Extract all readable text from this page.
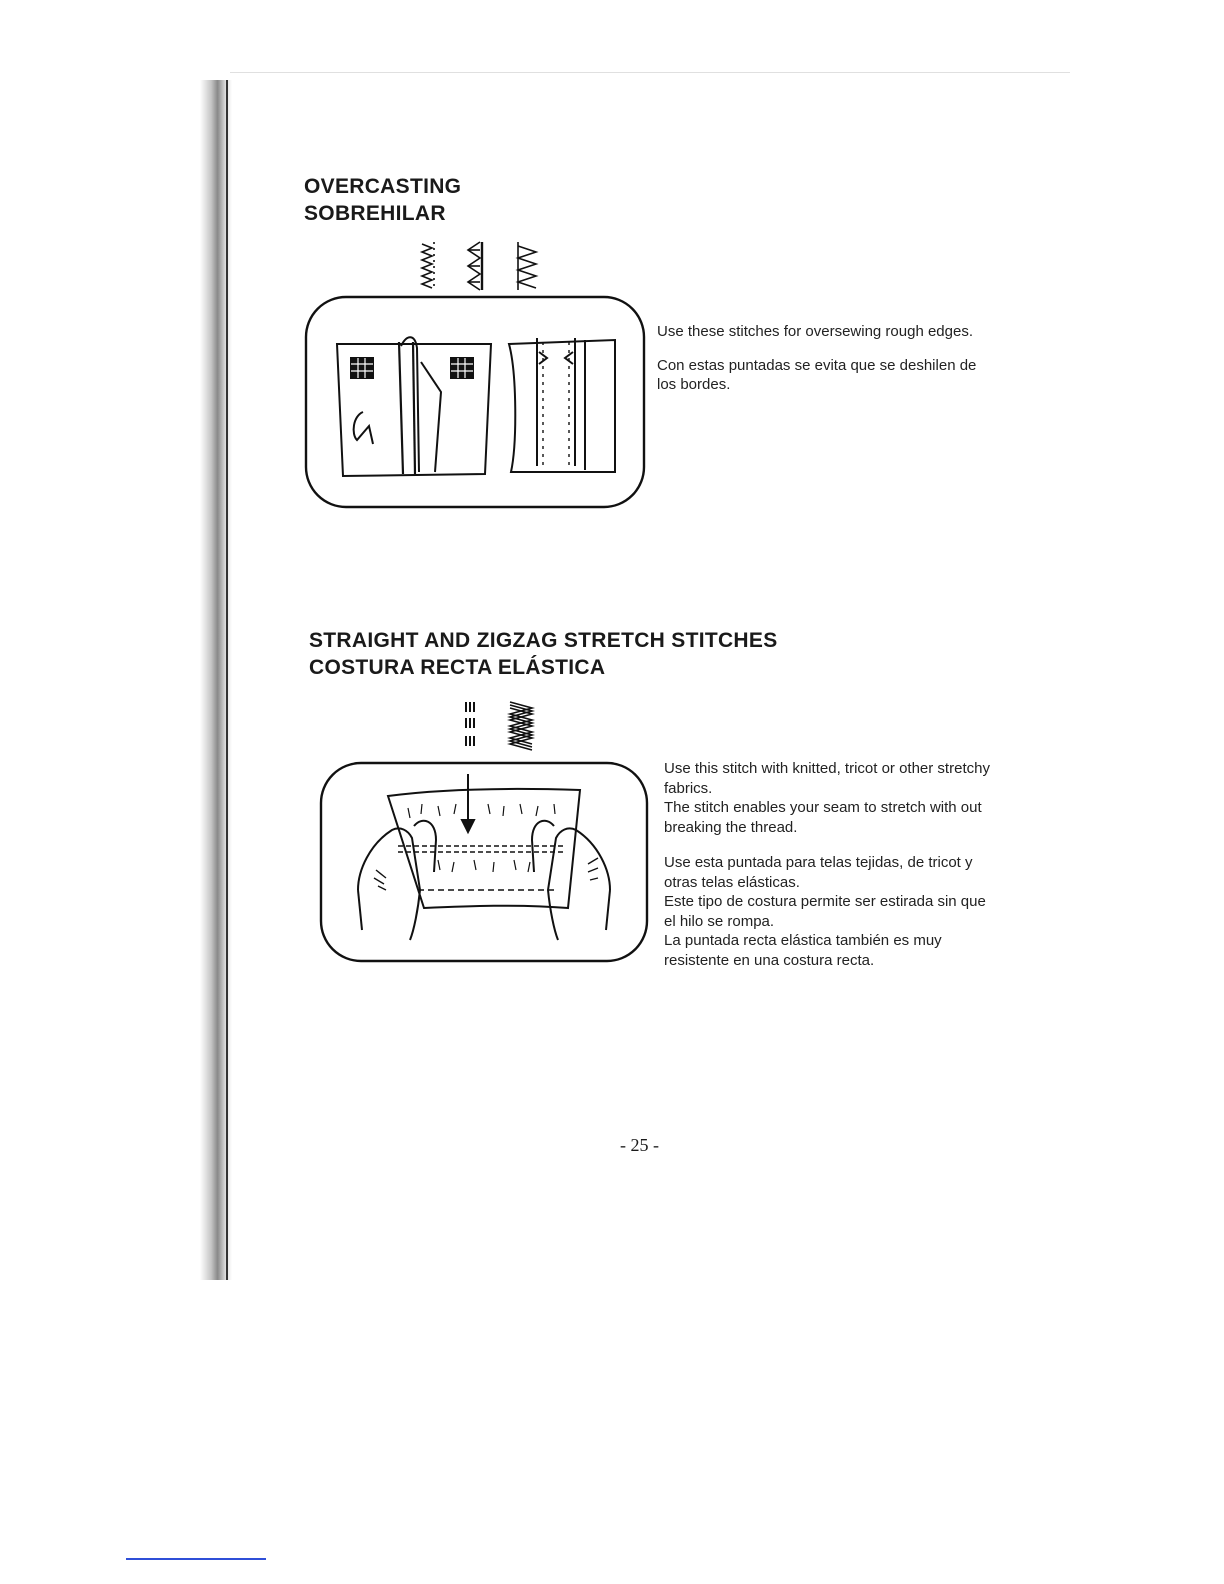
OVERCASTING
SOBREHILAR

Use these stitches for oversewing rough edges.

Con estas puntadas se evita que se deshilen de los bordes.

STRAIGHT AND ZIGZAG STRETCH STITCHES
COSTURA RECTA ELÁSTICA
Use this stitch with knitted, tricot or other stretchy fabrics.
The stitch enables your seam to stretch with out breaking the thread.
Use esta puntada para telas tejidas, de tricot y otras telas elásticas.
Este tipo de costura permite ser estirada sin que el hilo se rompa.
La puntada recta elástica también es muy resistente en una costura recta.
- 25 -
